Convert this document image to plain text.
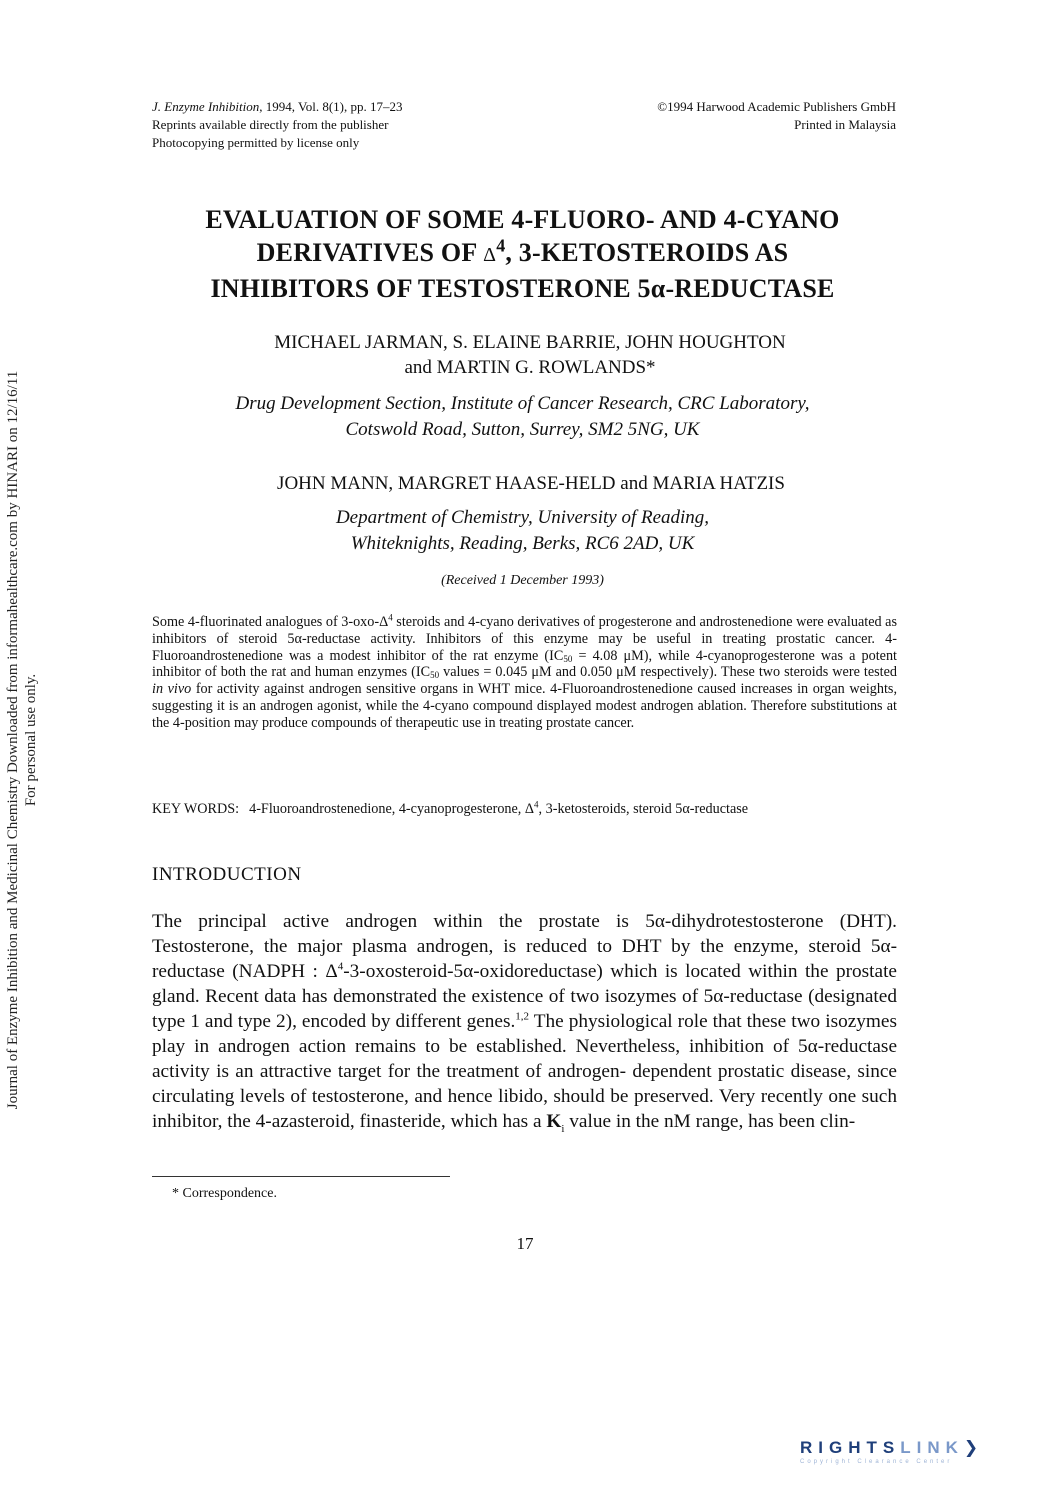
Journal of Enzyme Inhibition and Medicinal Chemistry Downloaded from informahealthcare.com by HINARI on 12/16/11 For personal use only.
J. Enzyme Inhibition, 1994, Vol. 8(1), pp. 17–23
Reprints available directly from the publisher
Photocopying permitted by license only
©1994 Harwood Academic Publishers GmbH
Printed in Malaysia
EVALUATION OF SOME 4-FLUORO- AND 4-CYANO
DERIVATIVES OF $\Delta^4$, 3-KETOSTEROIDS AS
INHIBITORS OF TESTOSTERONE 5α-REDUCTASE
MICHAEL JARMAN, S. ELAINE BARRIE, JOHN HOUGHTON
and MARTIN G. ROWLANDS*
Drug Development Section, Institute of Cancer Research, CRC Laboratory,
Cotswold Road, Sutton, Surrey, SM2 5NG, UK
JOHN MANN, MARGRET HAASE-HELD and MARIA HATZIS
Department of Chemistry, University of Reading,
Whiteknights, Reading, Berks, RC6 2AD, UK
(Received 1 December 1993)
Some 4-fluorinated analogues of $3-oxo-\Delta^4$ steroids and 4-cyano derivatives of progesterone and androstenedione were evaluated as inhibitors of steroid 5α-reductase activity. Inhibitors of this enzyme may be useful in treating prostatic cancer. 4-Fluoroandrostenedione was a modest inhibitor of the rat enzyme ($IC_{50} = 4.08$ μM), while 4-cyanoprogesterone was a potent inhibitor of both the rat and human enzymes ($IC_{50}$ values = 0.045 μM and 0.050 μM respectively). These two steroids were tested in vivo for activity against androgen sensitive organs in WHT mice. 4-Fluoroandrostenedione caused increases in organ weights, suggesting it is an androgen agonist, while the 4-cyano compound displayed modest androgen ablation. Therefore substitutions at the 4-position may produce compounds of therapeutic use in treating prostate cancer.
KEY WORDS: 4-Fluoroandrostenedione, 4-cyanoprogesterone, $\Delta^4$, 3-ketosteroids, steroid 5α-reductase
INTRODUCTION
The principal active androgen within the prostate is 5α-dihydrotestosterone (DHT). Testosterone, the major plasma androgen, is reduced to DHT by the enzyme, steroid 5α-reductase (NADPH : $\Delta^4-3-oxosteroid-5\alpha-oxidoreductase$) which is located within the prostate gland. Recent data has demonstrated the existence of two isozymes of 5α-reductase (designated type 1 and type 2), encoded by different genes.$^{1,2}$ The physiological role that these two isozymes play in androgen action remains to be established. Nevertheless, inhibition of 5α-reductase activity is an attractive target for the treatment of androgen- dependent prostatic disease, since circulating levels of testosterone, and hence libido, should be preserved. Very recently one such inhibitor, the 4-azasteroid, finasteride, which has a $K_i$ value in the nM range, has been clin-
* Correspondence.
17
RIGHTSLINK❯
Copyright Clearance Center
